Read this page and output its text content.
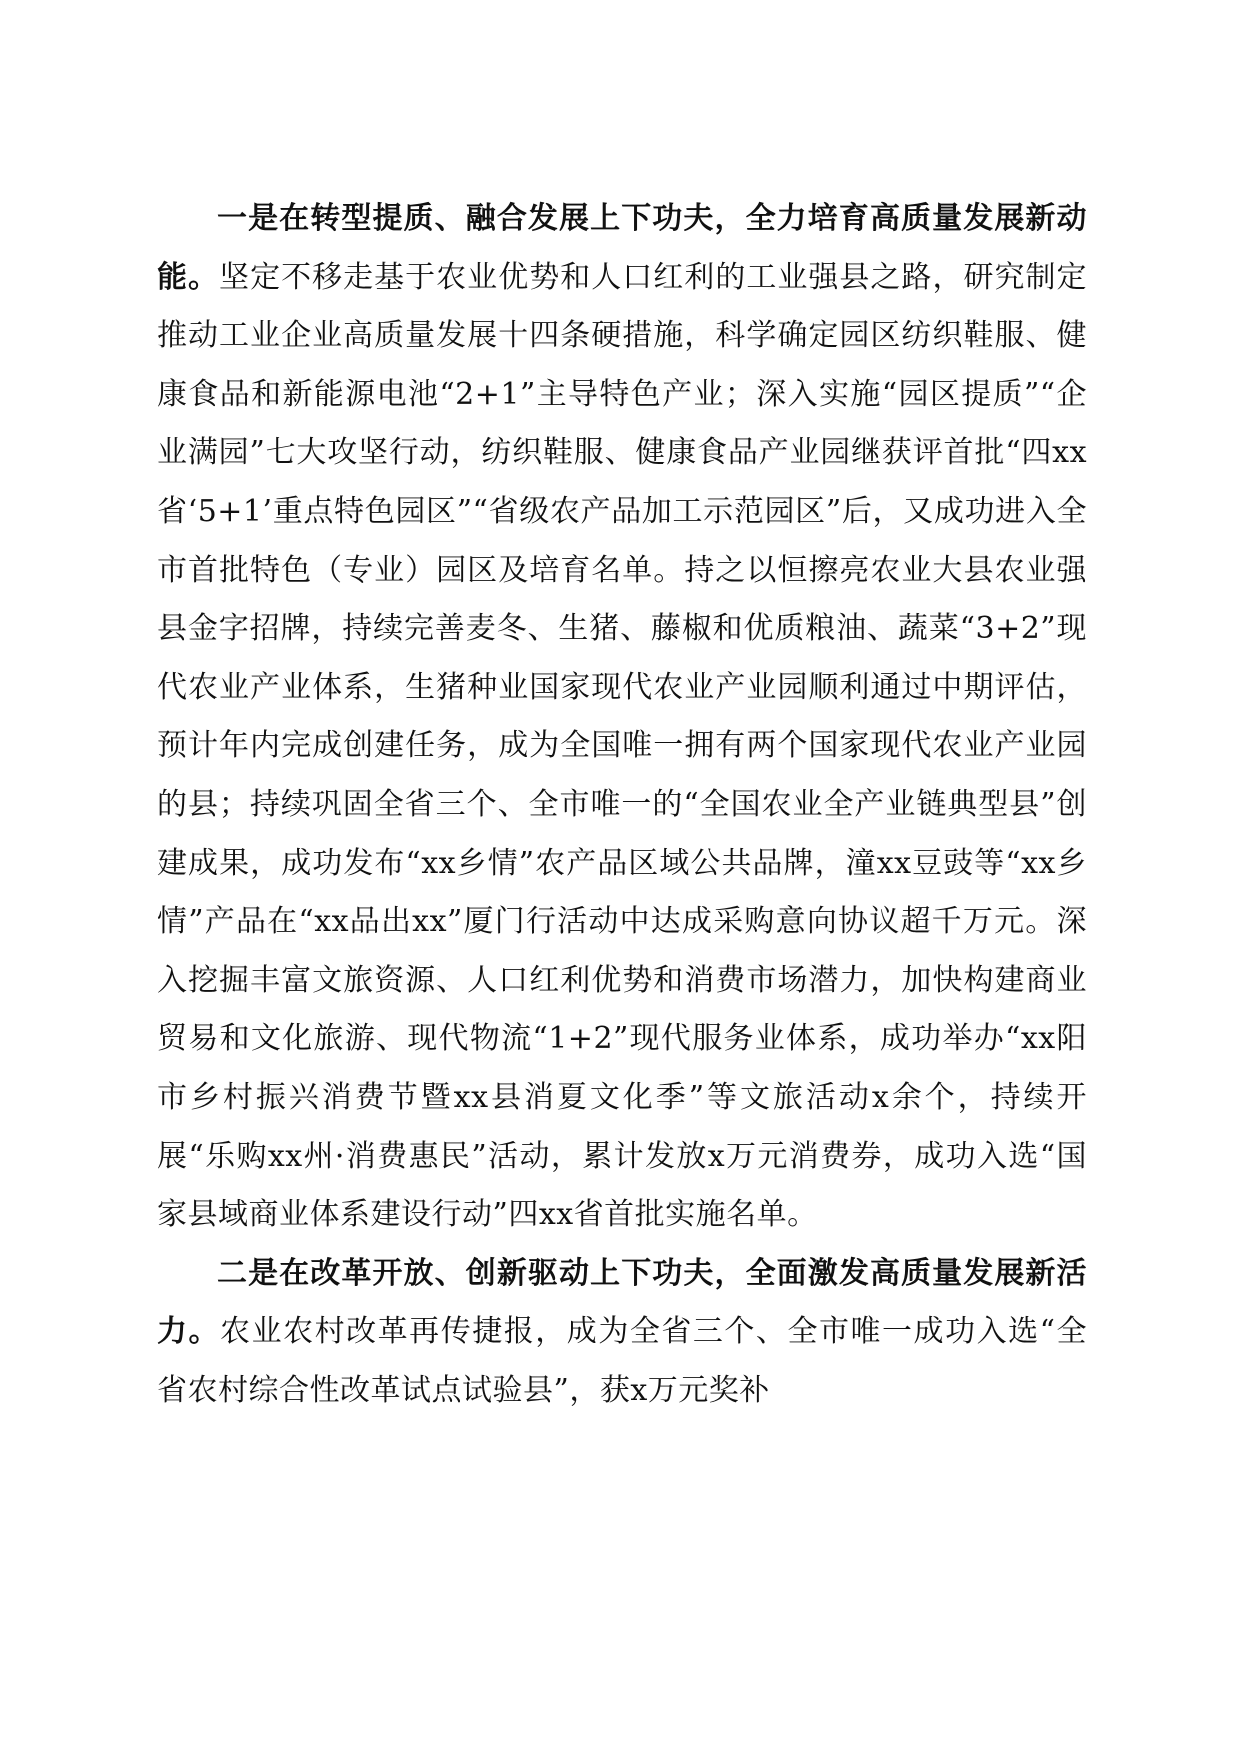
一是在转型提质、融合发展上下功夫，全力培育高质量发展新动能。坚定不移走基于农业优势和人口红利的工业强县之路，研究制定推动工业企业高质量发展十四条硬措施，科学确定园区纺织鞋服、健康食品和新能源电池“2+1”主导特色产业；深入实施“园区提质”“企业满园”七大攻坚行动，纺织鞋服、健康食品产业园继获评首批“四xx省‘5+1’重点特色园区”“省级农产品加工示范园区”后，又成功进入全市首批特色（专业）园区及培育名单。持之以恒擦亮农业大县农业强县金字招牌，持续完善麦冬、生猪、藤椒和优质粮油、蔬菜“3+2”现代农业产业体系，生猪种业国家现代农业产业园顺利通过中期评估，预计年内完成创建任务，成为全国唯一拥有两个国家现代农业产业园的县；持续巩固全省三个、全市唯一的“全国农业全产业链典型县”创建成果，成功发布“xx乡情”农产品区域公共品牌，潼xx豆豉等“xx乡情”产品在“xx品出xx”厦门行活动中达成采购意向协议超千万元。深入挖掘丰富文旅资源、人口红利优势和消费市场潜力，加快构建商业贸易和文化旅游、现代物流“1+2”现代服务业体系，成功举办“xx阳市乡村振兴消费节暨xx县消夏文化季”等文旅活动x余个，持续开展“乐购xx州·消费惠民”活动，累计发放x万元消费券，成功入选“国家县域商业体系建设行动”四xx省首批实施名单。

二是在改革开放、创新驱动上下功夫，全面激发高质量发展新活力。农业农村改革再传捷报，成为全省三个、全市唯一成功入选“全省农村综合性改革试点试验县”，获x万元奖补
